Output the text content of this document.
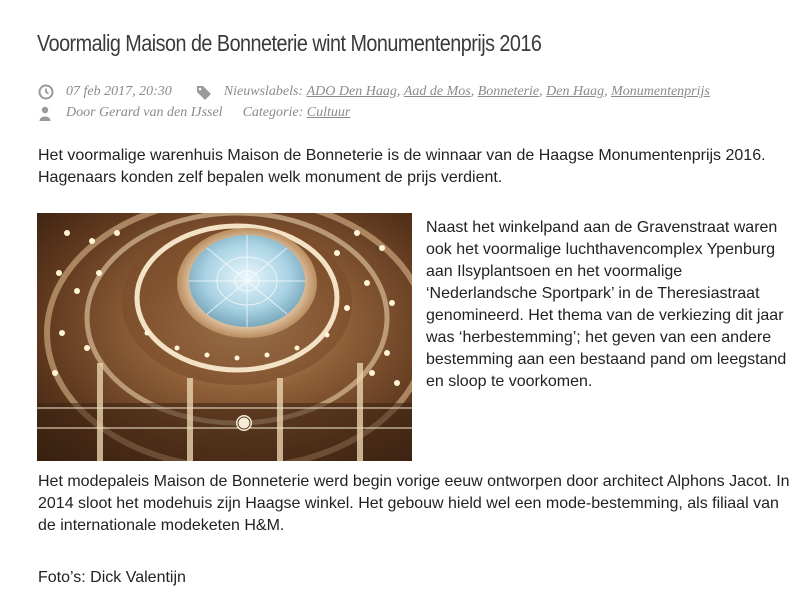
Voormalig Maison de Bonneterie wint Monumentenprijs 2016
07 feb 2017, 20:30	Nieuwslabels:
ADO Den Haag , Aad de Mos , Bonneterie , Den Haag , Monumentenprijs
Door Gerard van den IJssel Categorie:
Cultuur

Het voormalige warenhuis Maison de Bonneterie is de winnaar van de Haagse Monumentenprijs 2016. Hagenaars konden zelf bepalen welk monument de prijs verdient.

Naast het winkelpand aan de Gravenstraat waren ook het voormalige luchthavencomplex Ypenburg aan Ilsyplantsoen en het voormalige ‘Nederlandsche Sportpark’ in de Theresiastraat genomineerd. Het thema van de verkiezing dit jaar was ‘herbestemming’; het geven van een andere bestemming aan een bestaand pand om leegstand en sloop te voorkomen.

Het modepaleis Maison de Bonneterie werd begin vorige eeuw ontworpen door architect Alphons Jacot. In 2014 sloot het modehuis zijn Haagse winkel. Het gebouw hield wel een mode-bestemming, als filiaal van de internationale modeketen H&M.

Foto’s: Dick Valentijn
